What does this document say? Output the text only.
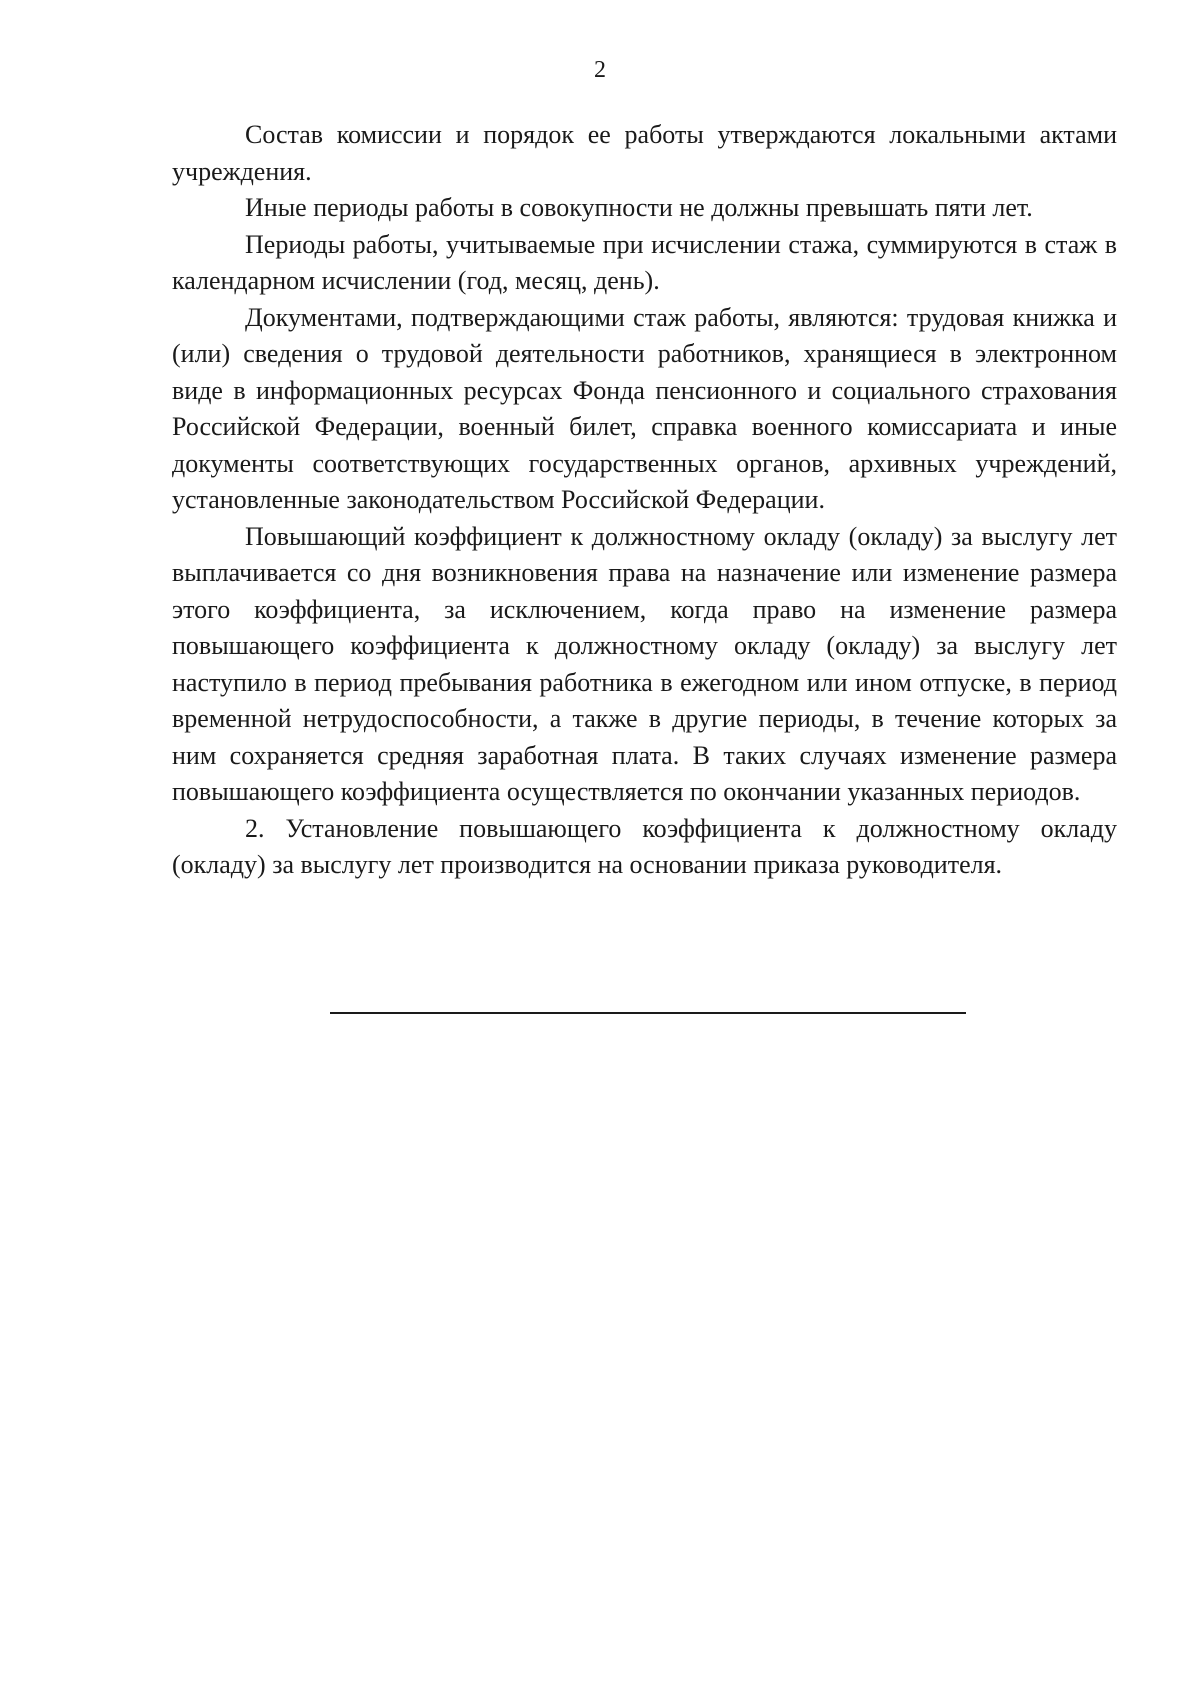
2

Состав комиссии и порядок ее работы утверждаются локальными актами учреждения.

Иные периоды работы в совокупности не должны превышать пяти лет.

Периоды работы, учитываемые при исчислении стажа, суммируются в стаж в календарном исчислении (год, месяц, день).

Документами, подтверждающими стаж работы, являются: трудовая книжка и (или) сведения о трудовой деятельности работников, хранящиеся в электронном виде в информационных ресурсах Фонда пенсионного и социального страхования Российской Федерации, военный билет, справка военного комиссариата и иные документы соответствующих государственных органов, архивных учреждений, установленные законодательством Российской Федерации.

Повышающий коэффициент к должностному окладу (окладу) за выслугу лет выплачивается со дня возникновения права на назначение или изменение размера этого коэффициента, за исключением, когда право на изменение размера повышающего коэффициента к должностному окладу (окладу) за выслугу лет наступило в период пребывания работника в ежегодном или ином отпуске, в период временной нетрудоспособности, а также в другие периоды, в течение которых за ним сохраняется средняя заработная плата. В таких случаях изменение размера повышающего коэффициента осуществляется по окончании указанных периодов.

2. Установление повышающего коэффициента к должностному окладу (окладу) за выслугу лет производится на основании приказа руководителя.
